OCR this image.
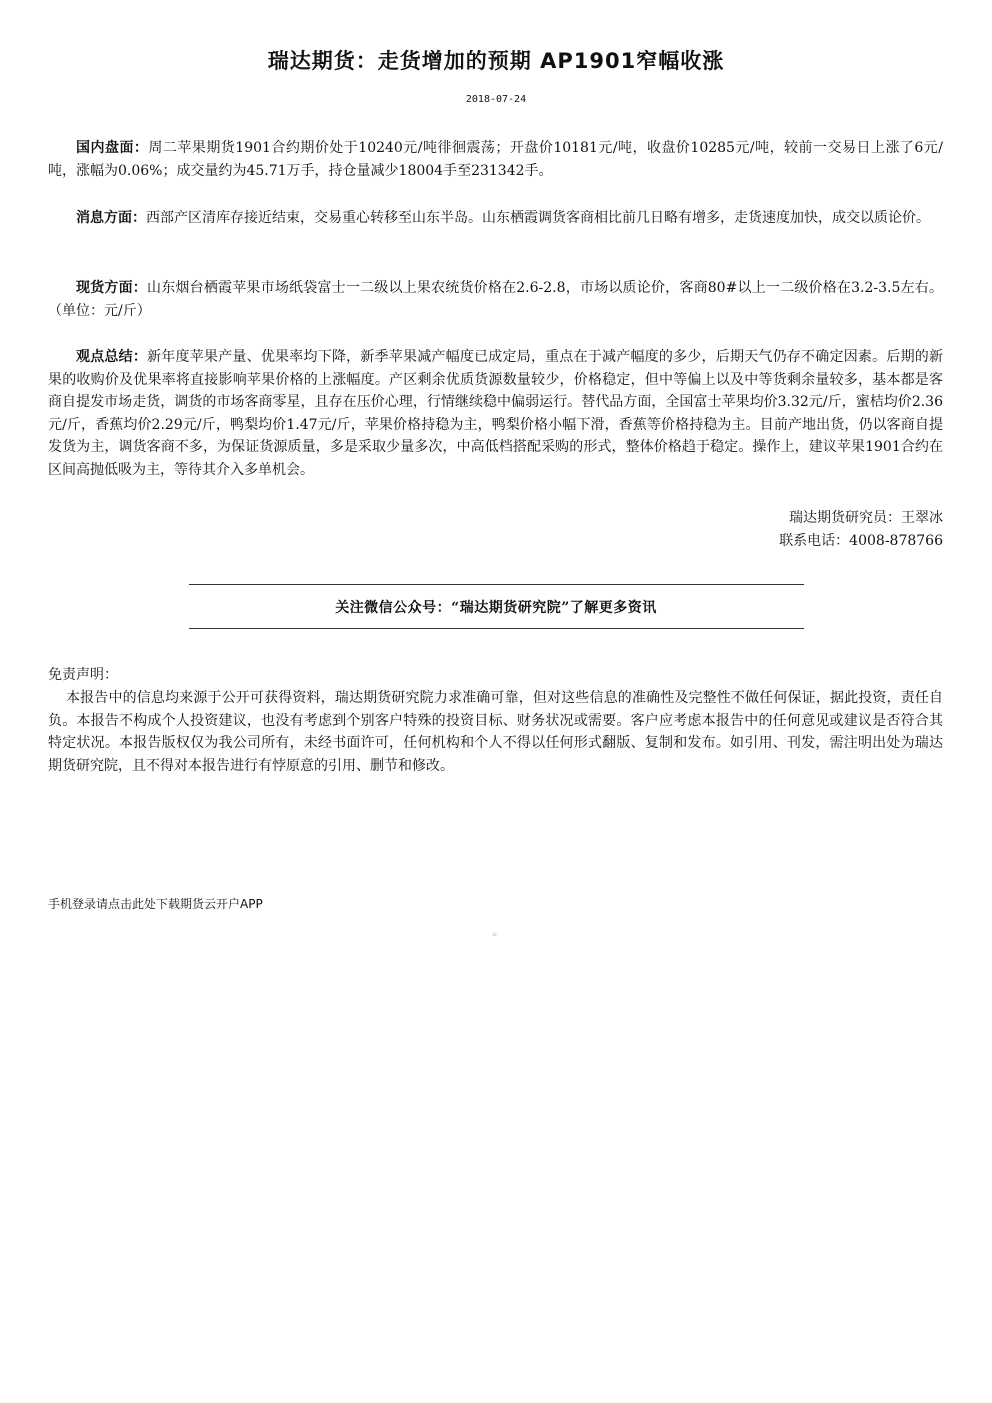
瑞达期货：走货增加的预期 AP1901窄幅收涨
2018-07-24
国内盘面：周二苹果期货1901合约期价处于10240元/吨徘徊震荡；开盘价10181元/吨，收盘价10285元/吨，较前一交易日上涨了6元/吨，涨幅为0.06%；成交量约为45.71万手，持仓量减少18004手至231342手。
消息方面：西部产区清库存接近结束，交易重心转移至山东半岛。山东栖霞调货客商相比前几日略有增多，走货速度加快，成交以质论价。
现货方面：山东烟台栖霞苹果市场纸袋富士一二级以上果农统货价格在2.6-2.8，市场以质论价，客商80#以上一二级价格在3.2-3.5左右。（单位：元/斤）
观点总结：新年度苹果产量、优果率均下降，新季苹果减产幅度已成定局，重点在于减产幅度的多少，后期天气仍存不确定因素。后期的新果的收购价及优果率将直接影响苹果价格的上涨幅度。产区剩余优质货源数量较少，价格稳定，但中等偏上以及中等货剩余量较多，基本都是客商自提发市场走货，调货的市场客商零星，且存在压价心理，行情继续稳中偏弱运行。替代品方面，全国富士苹果均价3.32元/斤，蜜桔均价2.36元/斤，香蕉均价2.29元/斤，鸭梨均价1.47元/斤，苹果价格持稳为主，鸭梨价格小幅下滑，香蕉等价格持稳为主。目前产地出货，仍以客商自提发货为主，调货客商不多，为保证货源质量，多是采取少量多次，中高低档搭配采购的形式，整体价格趋于稳定。操作上，建议苹果1901合约在区间高抛低吸为主，等待其介入多单机会。
瑞达期货研究员：王翠冰
联系电话：4008-878766
关注微信公众号：“瑞达期货研究院”了解更多资讯
免责声明：
本报告中的信息均来源于公开可获得资料，瑞达期货研究院力求准确可靠，但对这些信息的准确性及完整性不做任何保证，据此投资，责任自负。本报告不构成个人投资建议，也没有考虑到个别客户特殊的投资目标、财务状况或需要。客户应考虑本报告中的任何意见或建议是否符合其特定状况。本报告版权仅为我公司所有，未经书面许可，任何机构和个人不得以任何形式翻版、复制和发布。如引用、刊发，需注明出处为瑞达期货研究院，且不得对本报告进行有悖原意的引用、删节和修改。
手机登录请点击此处下载期货云开户APP
≡
